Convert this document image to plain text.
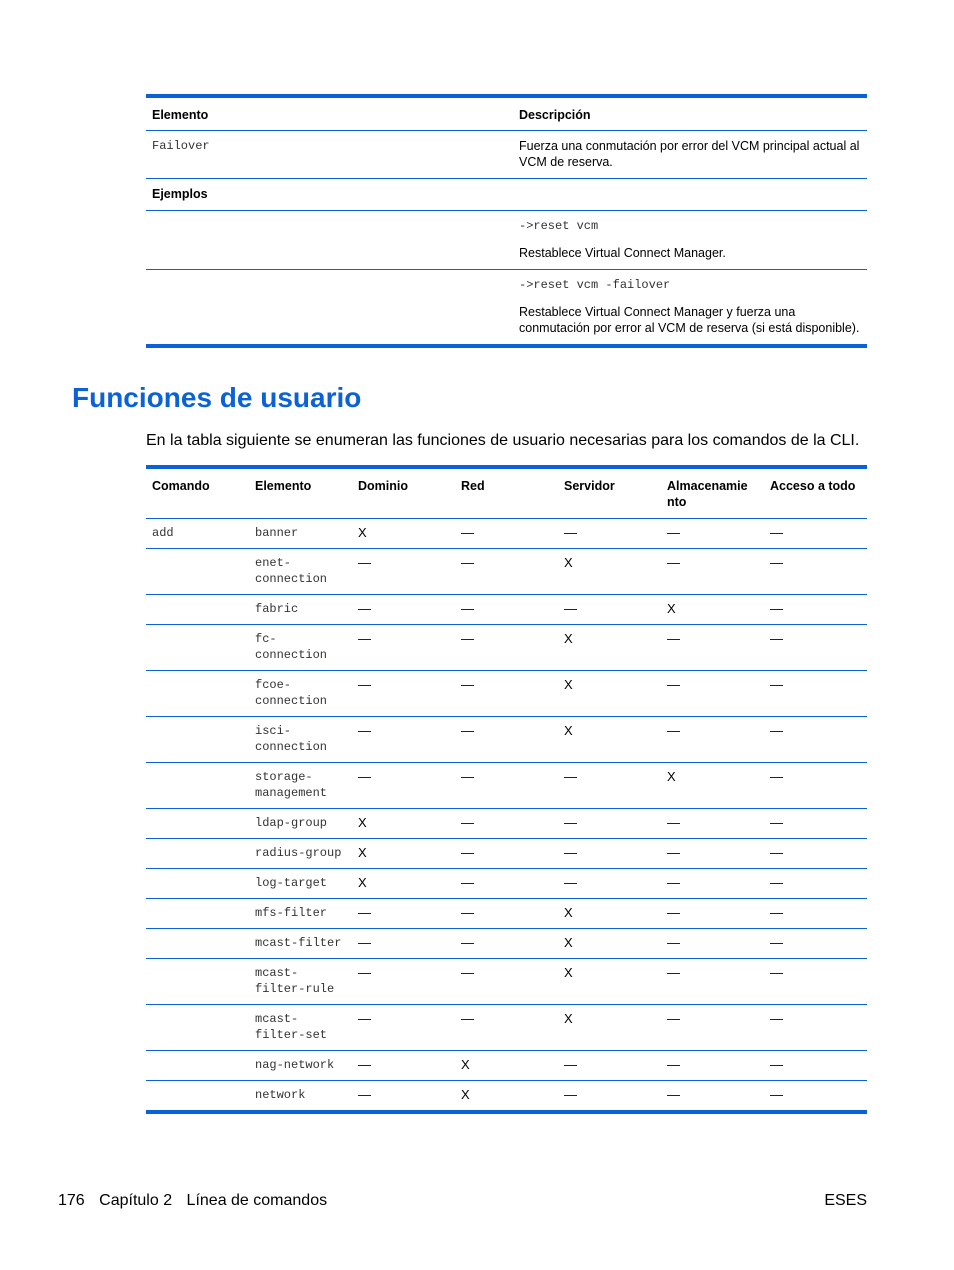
Elemento	Descripción
Failover	Fuerza una conmutación por error del VCM principal actual al VCM de reserva.
Ejemplos	

	->reset vcm

Restablece Virtual Connect Manager.

	->reset vcm -failover

Restablece Virtual Connect Manager y fuerza una conmutación por error al VCM de reserva (si está disponible).

Funciones de usuario

En la tabla siguiente se enumeran las funciones de usuario necesarias para los comandos de la CLI.

Comando	Elemento	Dominio	Red	Servidor	Almacenamie nto	Acceso a todo
add	banner	X	—	—	—	—
	enet-connection	—	—	X	—	—
	fabric	—	—	—	X	—
	fc-connection	—	—	X	—	—
	fcoe-connection	—	—	X	—	—
	isci-connection	—	—	X	—	—
	storage-management	—	—	—	X	—
	ldap-group	X	—	—	—	—
	radius-group	X	—	—	—	—
	log-target	X	—	—	—	—
	mfs-filter	—	—	X	—	—
	mcast-filter	—	—	X	—	—
	mcast-filter-rule	—	—	X	—	—
	mcast-filter-set	—	—	X	—	—
	nag-network	—	X	—	—	—
	network	—	X	—	—	—
176 Capítulo 2 Línea de comandos	ESES
